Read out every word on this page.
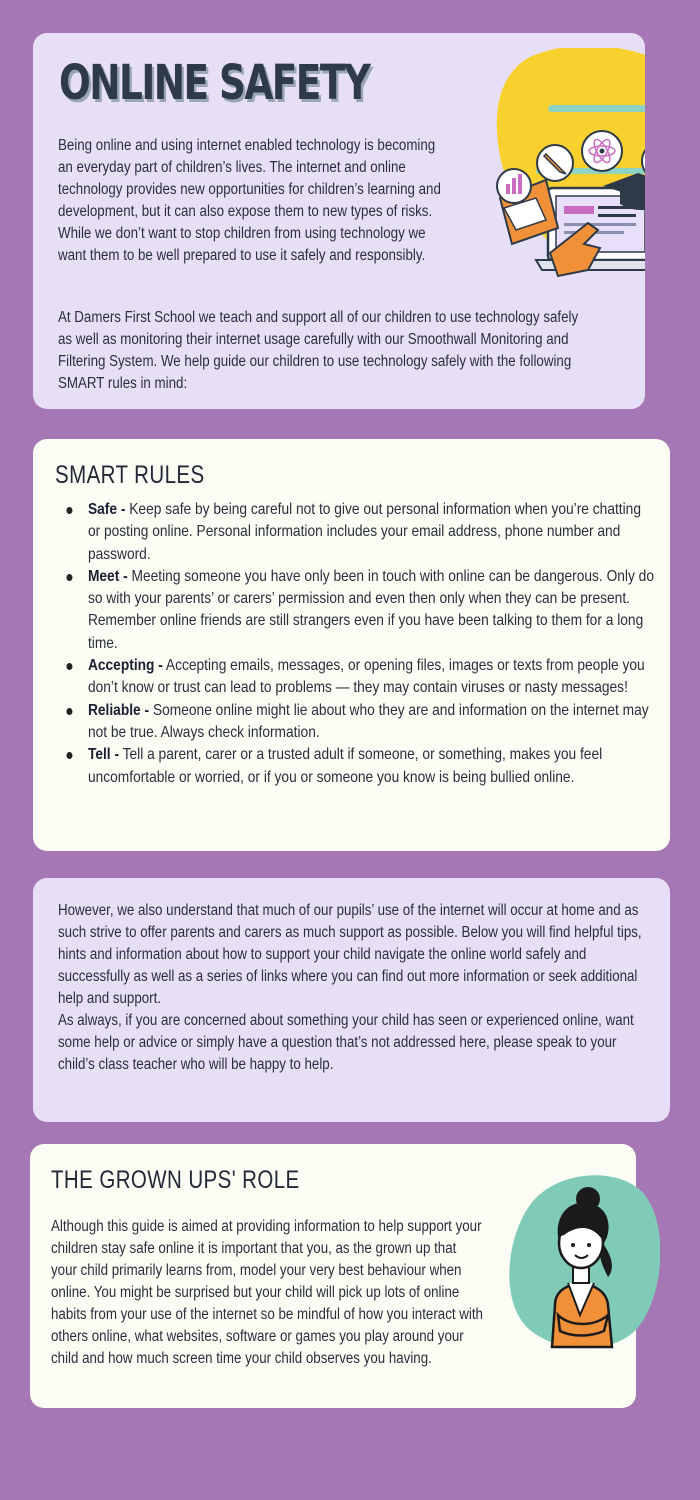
ONLINE SAFETY

Being online and using internet enabled technology is becoming an everyday part of children’s lives. The internet and online technology provides new opportunities for children’s learning and development, but it can also expose them to new types of risks. While we don’t want to stop children from using technology we want them to be well prepared to use it safely and responsibly.

At Damers First School we teach and support all of our children to use technology safely as well as monitoring their internet usage carefully with our Smoothwall Monitoring and Filtering System. We help guide our children to use technology safely with the following SMART rules in mind:

SMART RULES
Safe - Keep safe by being careful not to give out personal information when you’re chatting or posting online. Personal information includes your email address, phone number and password.
Meet - Meeting someone you have only been in touch with online can be dangerous. Only do so with your parents’ or carers’ permission and even then only when they can be present. Remember online friends are still strangers even if you have been talking to them for a long time.
Accepting - Accepting emails, messages, or opening files, images or texts from people you don’t know or trust can lead to problems — they may contain viruses or nasty messages!
Reliable - Someone online might lie about who they are and information on the internet may not be true. Always check information.
Tell - Tell a parent, carer or a trusted adult if someone, or something, makes you feel uncomfortable or worried, or if you or someone you know is being bullied online.

However, we also understand that much of our pupils’ use of the internet will occur at home and as such strive to offer parents and carers as much support as possible. Below you will find helpful tips, hints and information about how to support your child navigate the online world safely and successfully as well as a series of links where you can find out more information or seek additional help and support.

As always, if you are concerned about something your child has seen or experienced online, want some help or advice or simply have a question that’s not addressed here, please speak to your child’s class teacher who will be happy to help.

THE GROWN UPS' ROLE

Although this guide is aimed at providing information to help support your children stay safe online it is important that you, as the grown up that your child primarily learns from, model your very best behaviour when online. You might be surprised but your child will pick up lots of online habits from your use of the internet so be mindful of how you interact with others online, what websites, software or games you play around your child and how much screen time your child observes you having.
